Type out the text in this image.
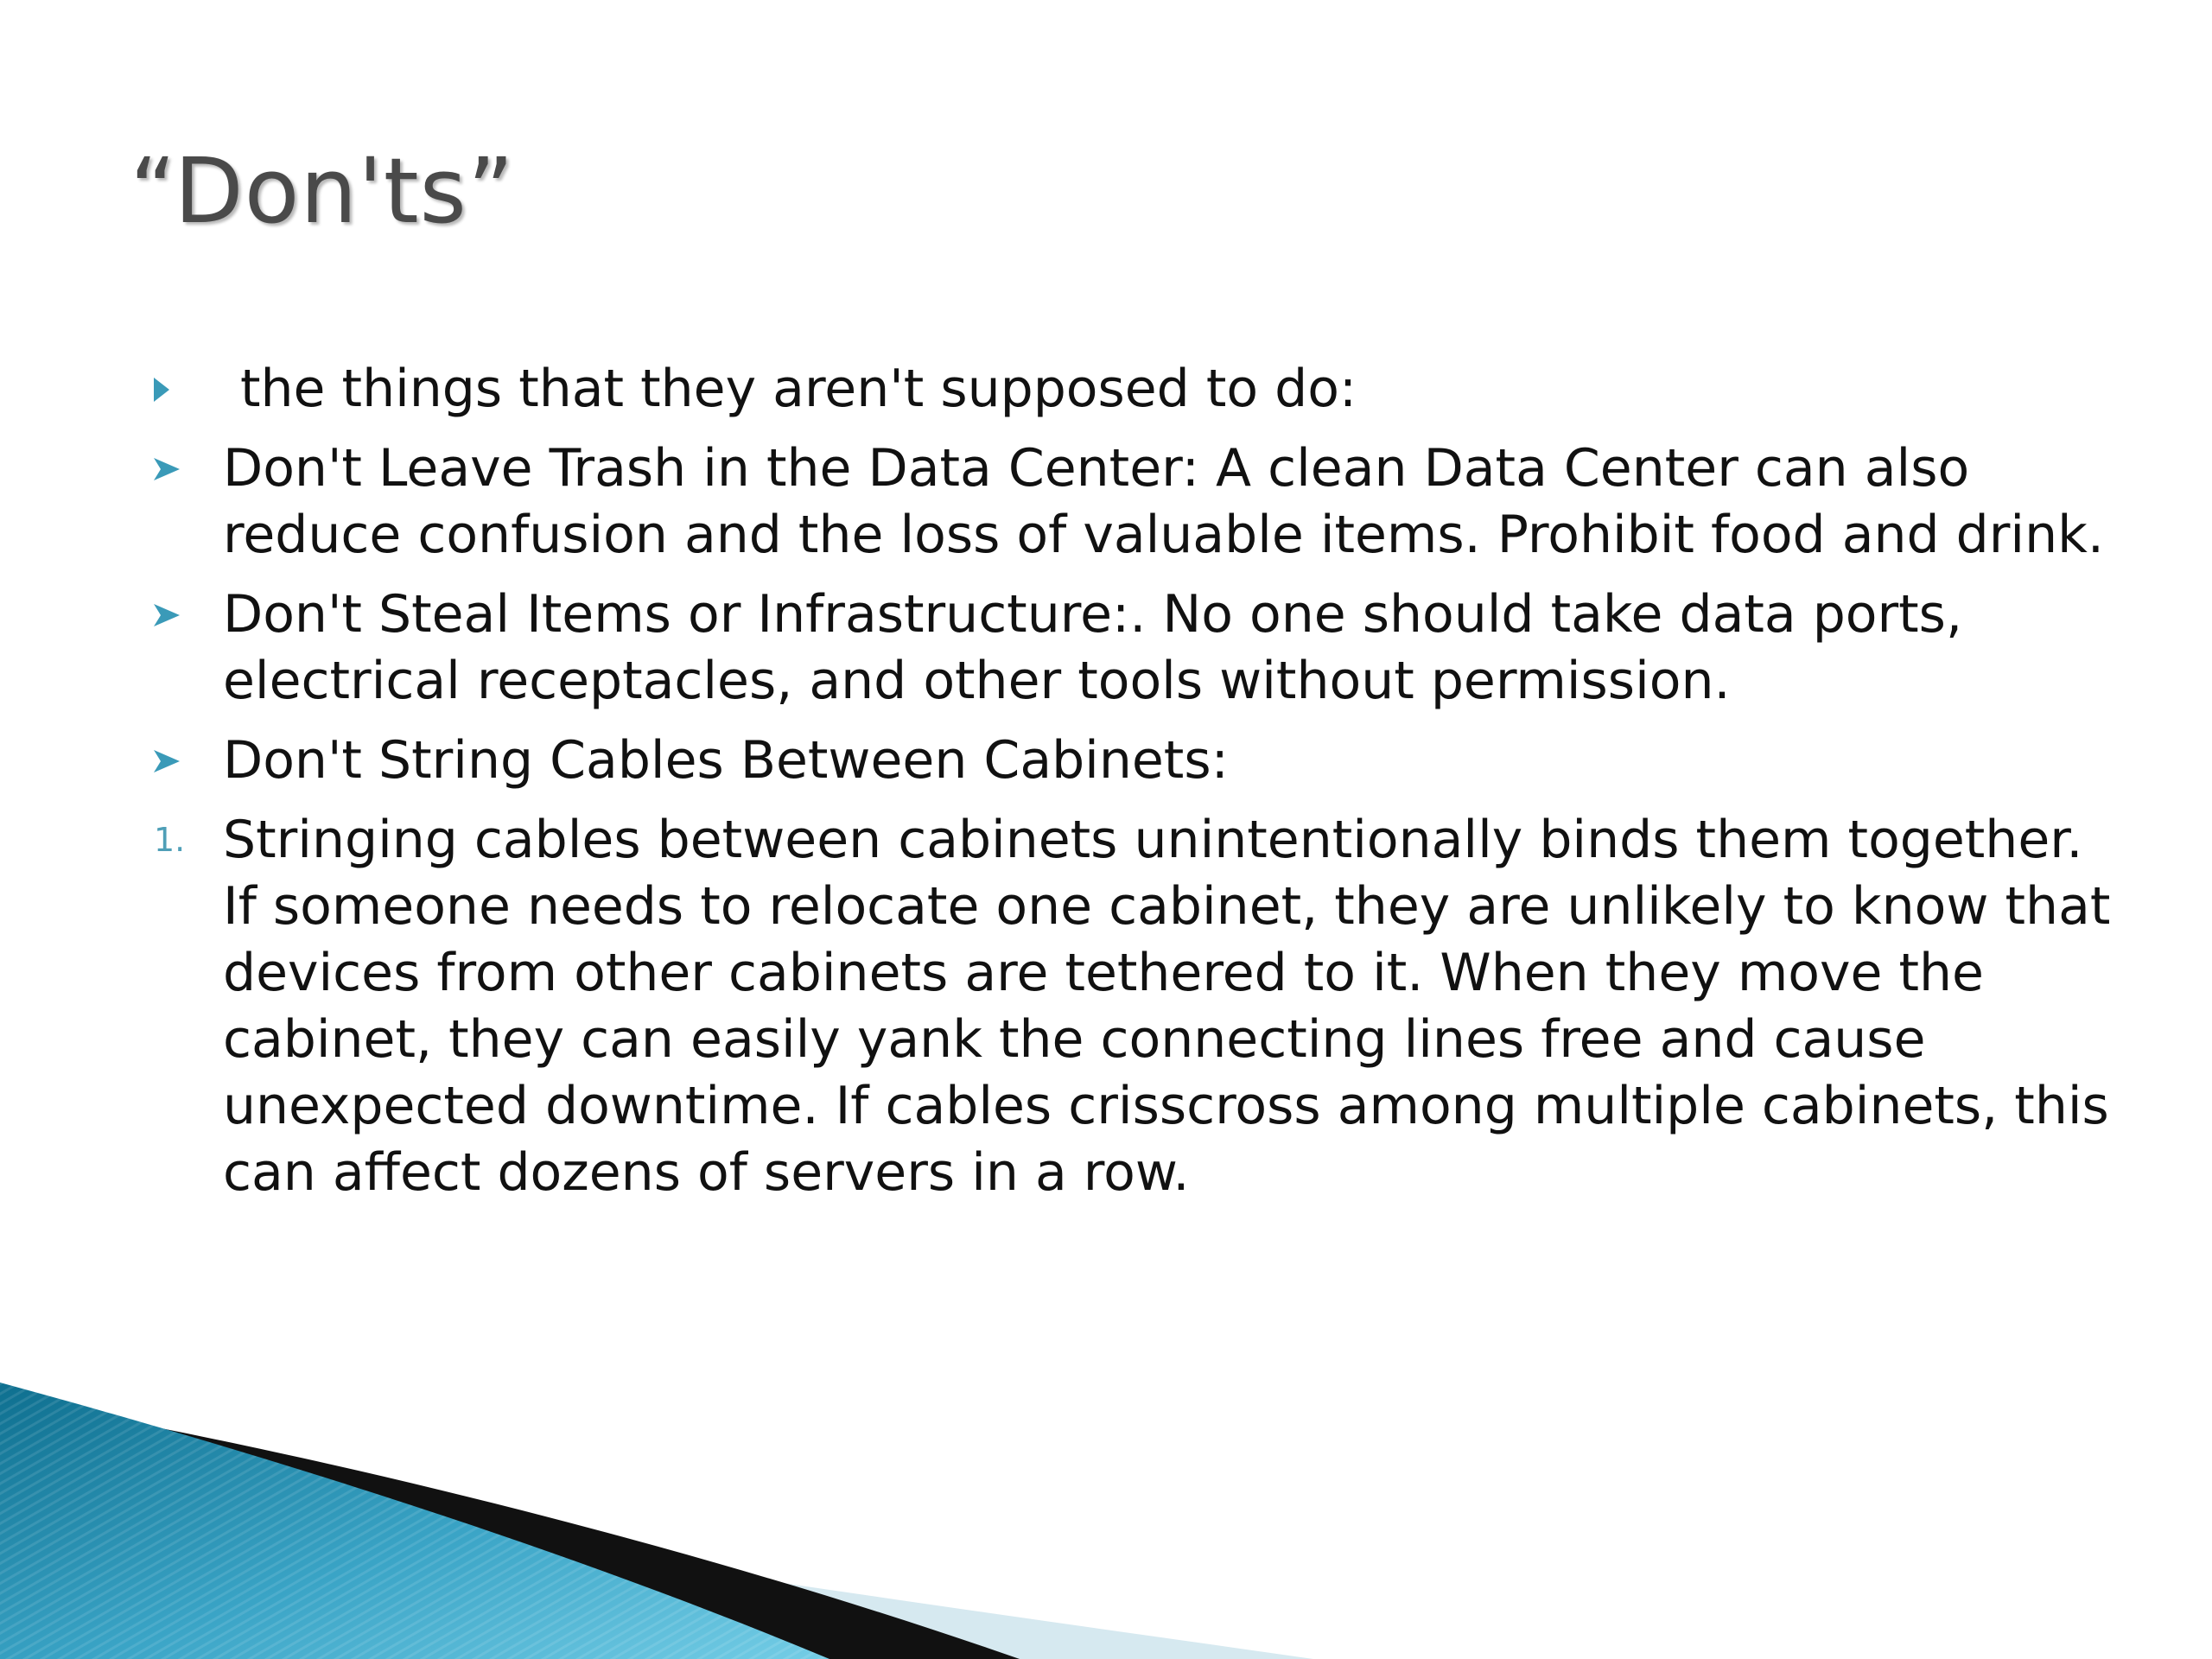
“Don'ts”
the things that they aren't supposed to do:
Don't Leave Trash in the Data Center: A clean Data Center can also reduce confusion and the loss of valuable items. Prohibit food and drink.
Don't Steal Items or Infrastructure:. No one should take data ports, electrical receptacles, and other tools without permission.
Don't String Cables Between Cabinets:
1. Stringing cables between cabinets unintentionally binds them together. If someone needs to relocate one cabinet, they are unlikely to know that devices from other cabinets are tethered to it. When they move the cabinet, they can easily yank the connecting lines free and cause unexpected downtime. If cables crisscross among multiple cabinets, this can affect dozens of servers in a row.
